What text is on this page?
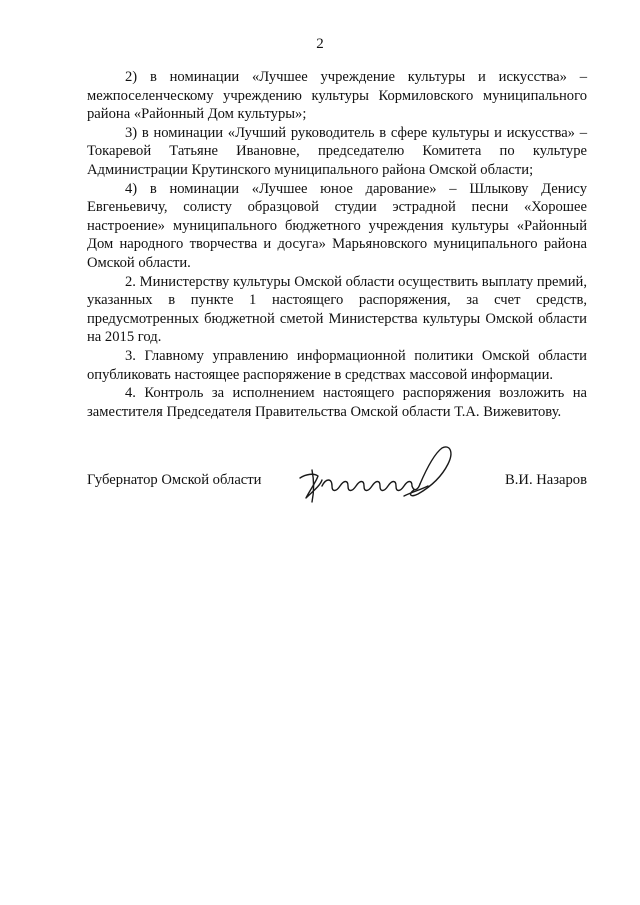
2

2) в номинации «Лучшее учреждение культуры и искусства» – межпоселенческому учреждению культуры Кормиловского муниципального района «Районный Дом культуры»;

3) в номинации «Лучший руководитель в сфере культуры и искусства» – Токаревой Татьяне Ивановне, председателю Комитета по культуре Администрации Крутинского муниципального района Омской области;

4) в номинации «Лучшее юное дарование» – Шлыкову Денису Евгеньевичу, солисту образцовой студии эстрадной песни «Хорошее настроение» муниципального бюджетного учреждения культуры «Районный Дом народного творчества и досуга» Марьяновского муниципального района Омской области.

2. Министерству культуры Омской области осуществить выплату премий, указанных в пункте 1 настоящего распоряжения, за счет средств, предусмотренных бюджетной сметой Министерства культуры Омской области на 2015 год.

3. Главному управлению информационной политики Омской области опубликовать настоящее распоряжение в средствах массовой информации.

4. Контроль за исполнением настоящего распоряжения возложить на заместителя Председателя Правительства Омской области Т.А. Вижевитову.

Губернатор Омской области	В.И. Назаров
